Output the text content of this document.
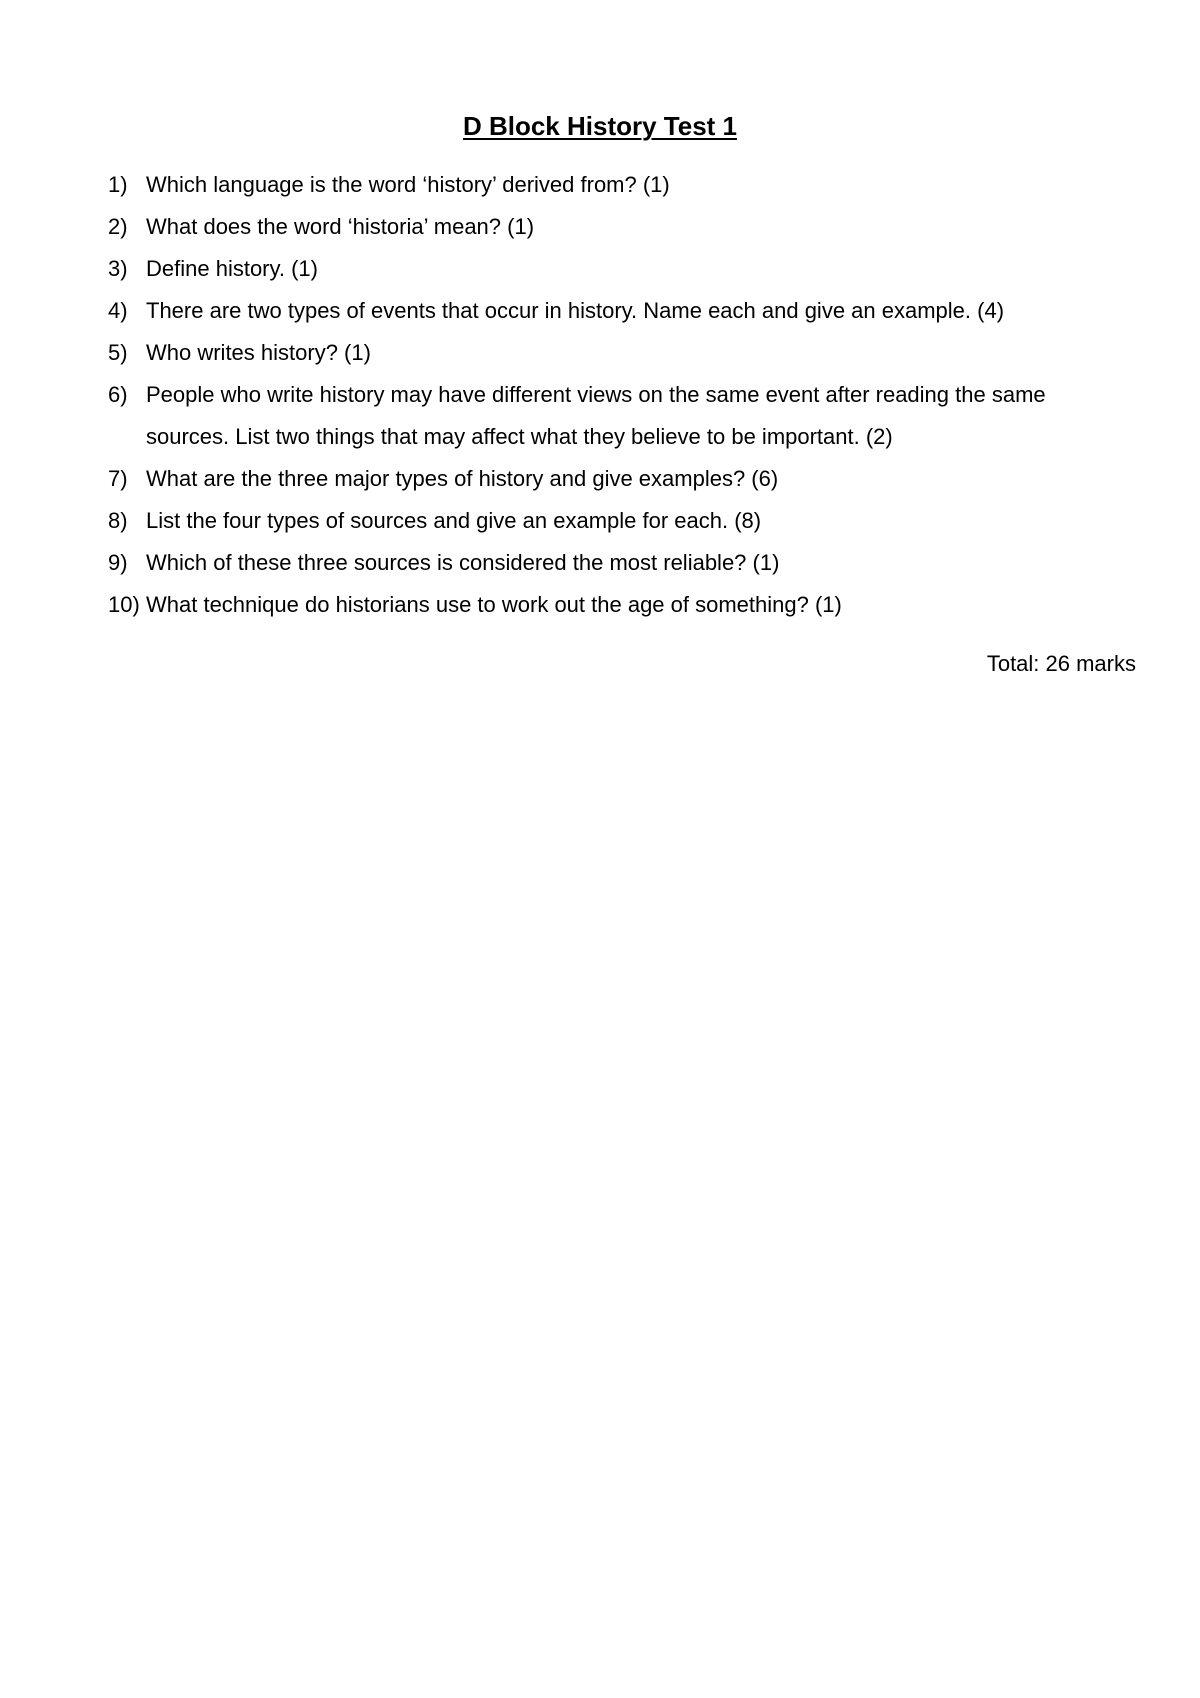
D Block History Test 1
1) Which language is the word ‘history’ derived from? (1)
2) What does the word ‘historia’ mean? (1)
3) Define history. (1)
4) There are two types of events that occur in history. Name each and give an example. (4)
5) Who writes history? (1)
6) People who write history may have different views on the same event after reading the same sources. List two things that may affect what they believe to be important. (2)
7) What are the three major types of history and give examples? (6)
8) List the four types of sources and give an example for each. (8)
9) Which of these three sources is considered the most reliable? (1)
10) What technique do historians use to work out the age of something? (1)
Total: 26 marks
